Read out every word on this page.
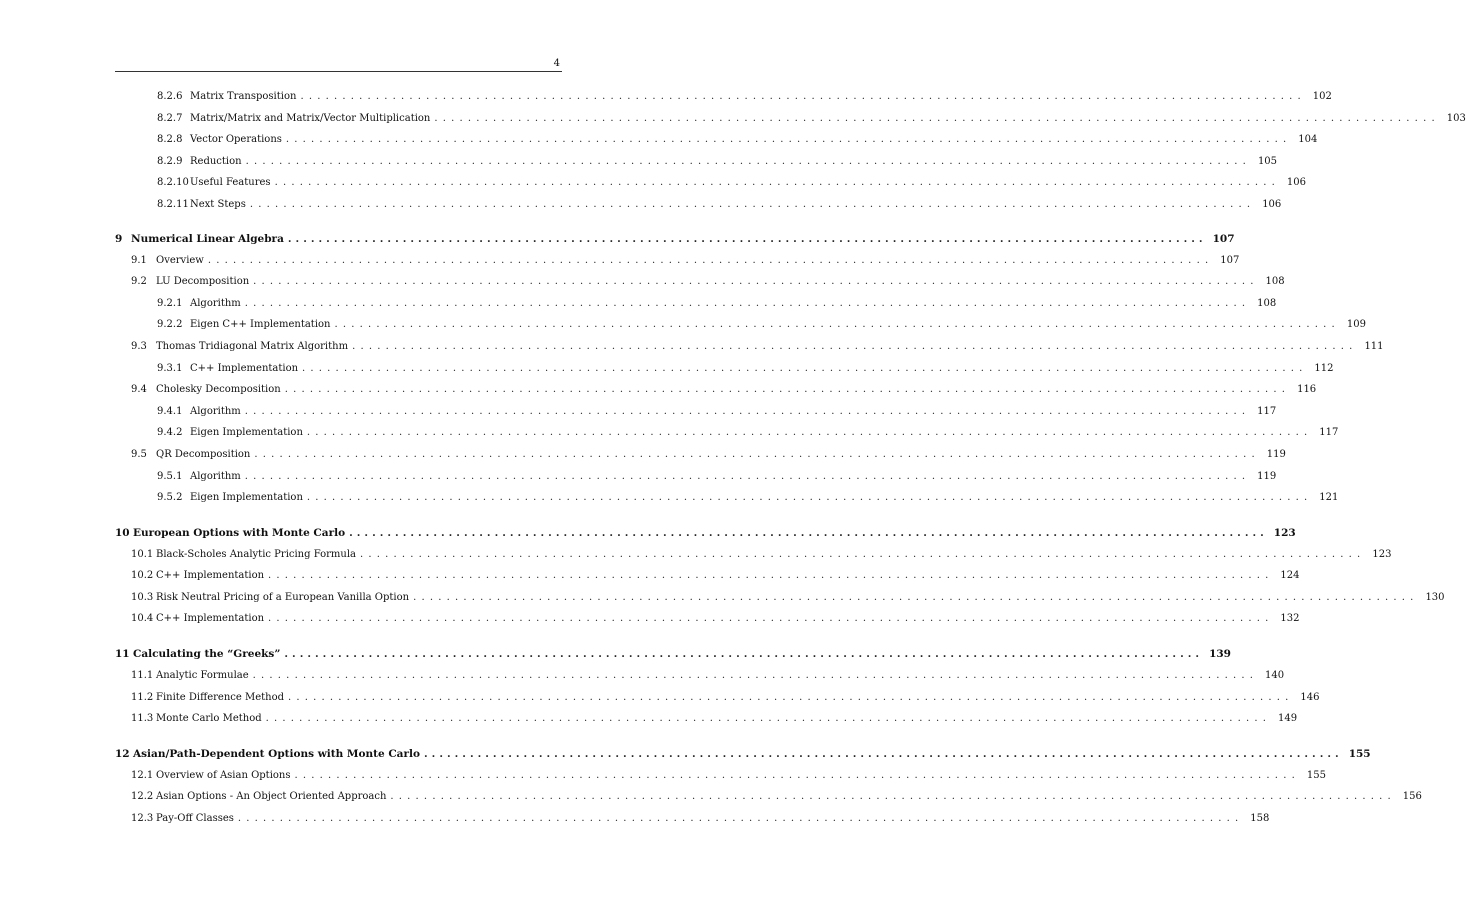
4
8.2.6 Matrix Transposition ........................................................................................................................ 102
8.2.7 Matrix/Matrix and Matrix/Vector Multiplication ........................................................................................................................ 103
8.2.8 Vector Operations ........................................................................................................................ 104
8.2.9 Reduction ........................................................................................................................ 105
8.2.10 Useful Features ........................................................................................................................ 106
8.2.11 Next Steps ........................................................................................................................ 106
9 Numerical Linear Algebra ........................................................................................................................ 107
9.1 Overview ........................................................................................................................ 107
9.2 LU Decomposition ........................................................................................................................ 108
9.2.1 Algorithm ........................................................................................................................ 108
9.2.2 Eigen C++ Implementation ........................................................................................................................ 109
9.3 Thomas Tridiagonal Matrix Algorithm ........................................................................................................................ 111
9.3.1 C++ Implementation ........................................................................................................................ 112
9.4 Cholesky Decomposition ........................................................................................................................ 116
9.4.1 Algorithm ........................................................................................................................ 117
9.4.2 Eigen Implementation ........................................................................................................................ 117
9.5 QR Decomposition ........................................................................................................................ 119
9.5.1 Algorithm ........................................................................................................................ 119
9.5.2 Eigen Implementation ........................................................................................................................ 121
10 European Options with Monte Carlo ........................................................................................................................ 123
10.1 Black-Scholes Analytic Pricing Formula ........................................................................................................................ 123
10.2 C++ Implementation ........................................................................................................................ 124
10.3 Risk Neutral Pricing of a European Vanilla Option ........................................................................................................................ 130
10.4 C++ Implementation ........................................................................................................................ 132
11 Calculating the “Greeks” ........................................................................................................................ 139
11.1 Analytic Formulae ........................................................................................................................ 140
11.2 Finite Difference Method ........................................................................................................................ 146
11.3 Monte Carlo Method ........................................................................................................................ 149
12 Asian/Path-Dependent Options with Monte Carlo ........................................................................................................................ 155
12.1 Overview of Asian Options ........................................................................................................................ 155
12.2 Asian Options - An Object Oriented Approach ........................................................................................................................ 156
12.3 Pay-Off Classes ........................................................................................................................ 158
